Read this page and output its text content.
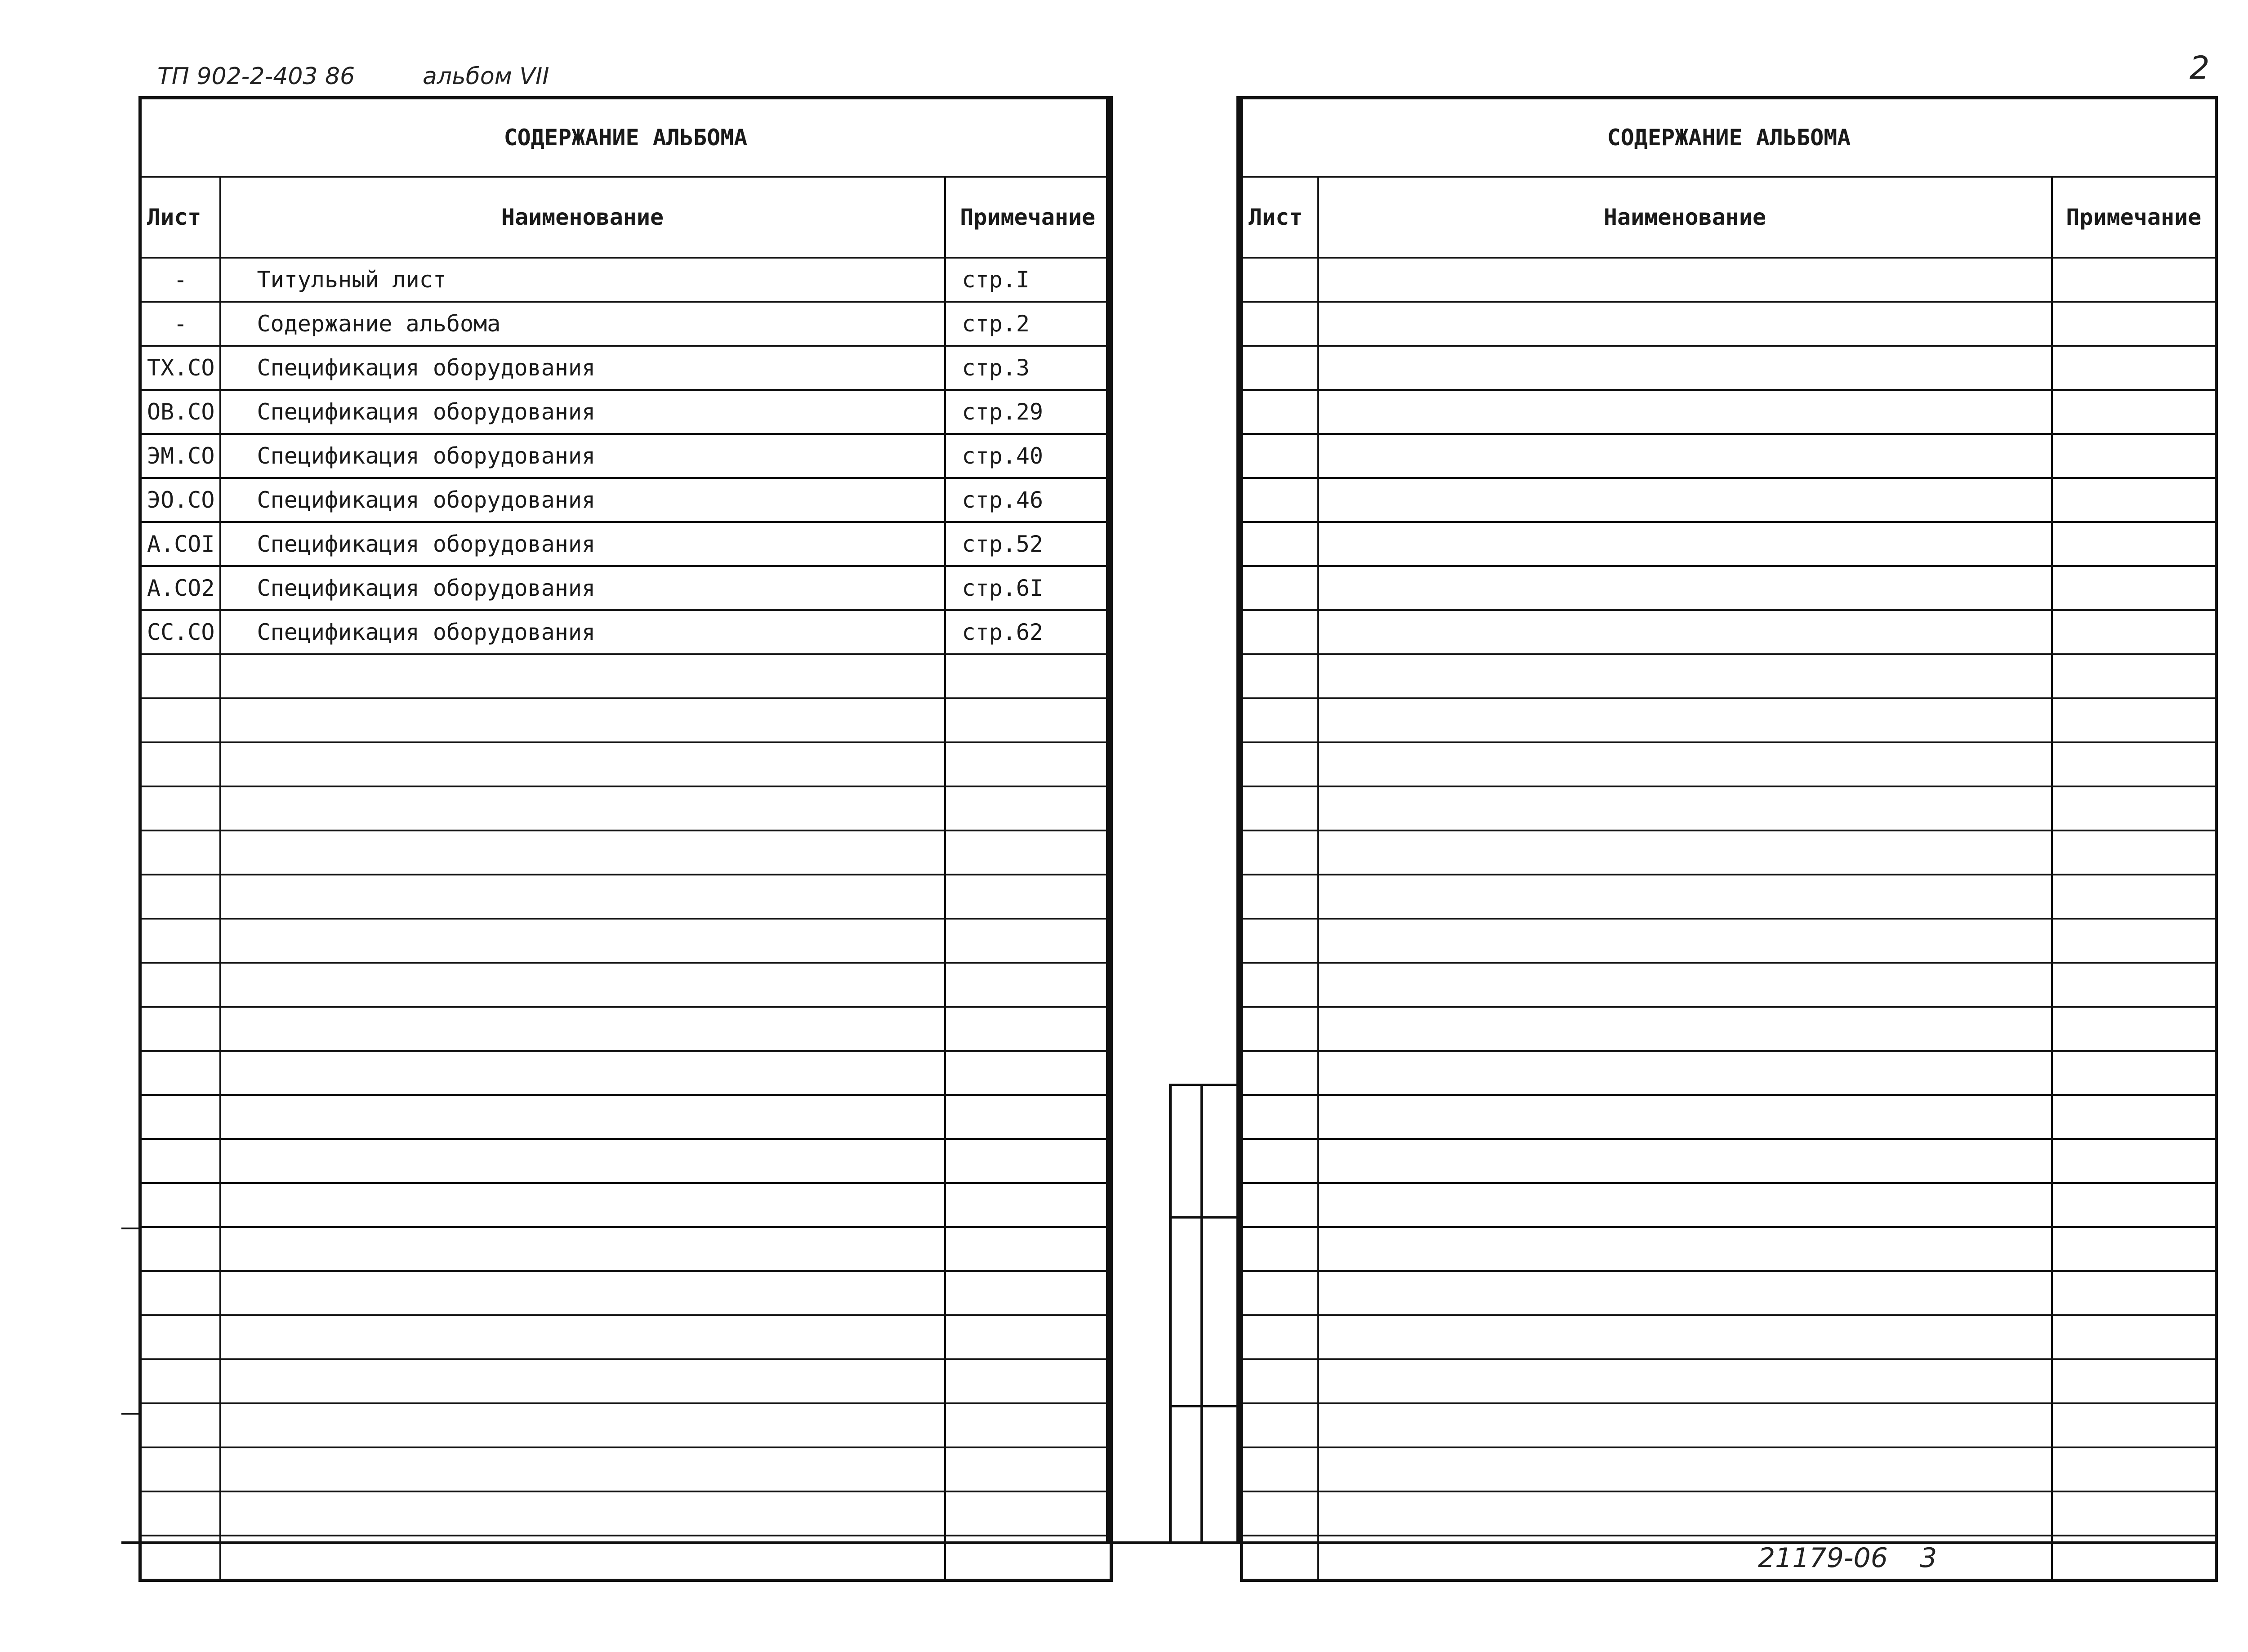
ТП 902-2-403 86	альбом VII	2
СОДЕРЖАНИЕ АЛЬБОМА		
Лист	Наименование	Примечание
-	Титульный лист	стр.I
-	Содержание альбома	стр.2
ТХ.СО	Спецификация оборудования	стр.3
ОВ.СО	Спецификация оборудования	стр.29
ЭМ.СО	Спецификация оборудования	стр.40
ЭО.СО	Спецификация оборудования	стр.46
А.СОI	Спецификация оборудования	стр.52
А.СО2	Спецификация оборудования	стр.6I
СС.СО	Спецификация оборудования	стр.62

СОДЕРЖАНИЕ АЛЬБОМА		
Лист	Наименование	Примечание

21179-06 3
